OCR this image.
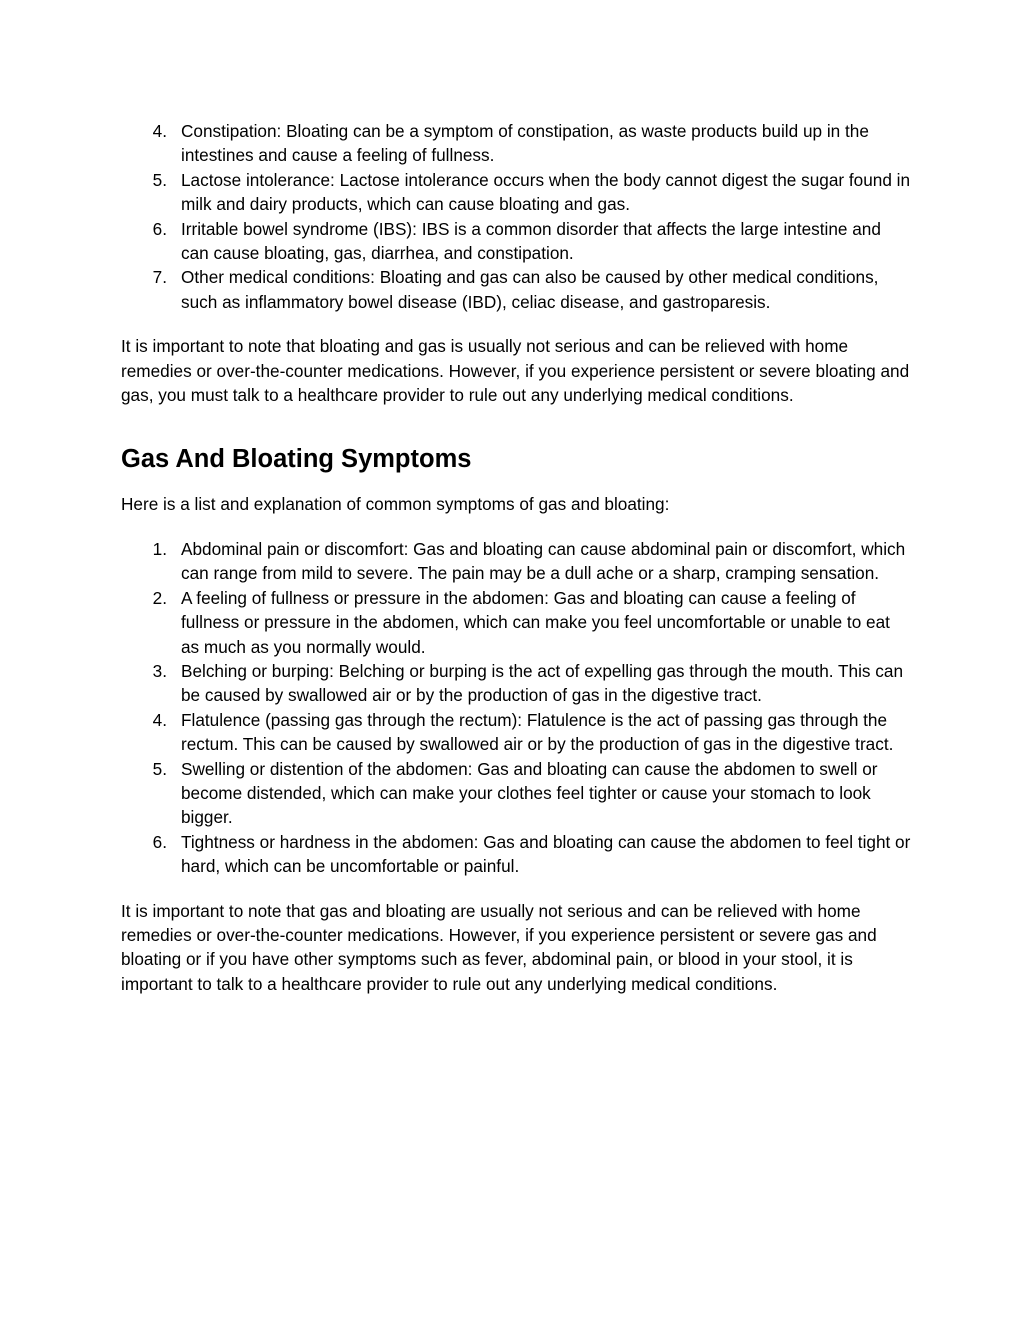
4. Constipation: Bloating can be a symptom of constipation, as waste products build up in the intestines and cause a feeling of fullness.
5. Lactose intolerance: Lactose intolerance occurs when the body cannot digest the sugar found in milk and dairy products, which can cause bloating and gas.
6. Irritable bowel syndrome (IBS): IBS is a common disorder that affects the large intestine and can cause bloating, gas, diarrhea, and constipation.
7. Other medical conditions: Bloating and gas can also be caused by other medical conditions, such as inflammatory bowel disease (IBD), celiac disease, and gastroparesis.

It is important to note that bloating and gas is usually not serious and can be relieved with home remedies or over-the-counter medications. However, if you experience persistent or severe bloating and gas, you must talk to a healthcare provider to rule out any underlying medical conditions.

Gas And Bloating Symptoms

Here is a list and explanation of common symptoms of gas and bloating:

1. Abdominal pain or discomfort: Gas and bloating can cause abdominal pain or discomfort, which can range from mild to severe. The pain may be a dull ache or a sharp, cramping sensation.
2. A feeling of fullness or pressure in the abdomen: Gas and bloating can cause a feeling of fullness or pressure in the abdomen, which can make you feel uncomfortable or unable to eat as much as you normally would.
3. Belching or burping: Belching or burping is the act of expelling gas through the mouth. This can be caused by swallowed air or by the production of gas in the digestive tract.
4. Flatulence (passing gas through the rectum): Flatulence is the act of passing gas through the rectum. This can be caused by swallowed air or by the production of gas in the digestive tract.
5. Swelling or distention of the abdomen: Gas and bloating can cause the abdomen to swell or become distended, which can make your clothes feel tighter or cause your stomach to look bigger.
6. Tightness or hardness in the abdomen: Gas and bloating can cause the abdomen to feel tight or hard, which can be uncomfortable or painful.

It is important to note that gas and bloating are usually not serious and can be relieved with home remedies or over-the-counter medications. However, if you experience persistent or severe gas and bloating or if you have other symptoms such as fever, abdominal pain, or blood in your stool, it is important to talk to a healthcare provider to rule out any underlying medical conditions.
